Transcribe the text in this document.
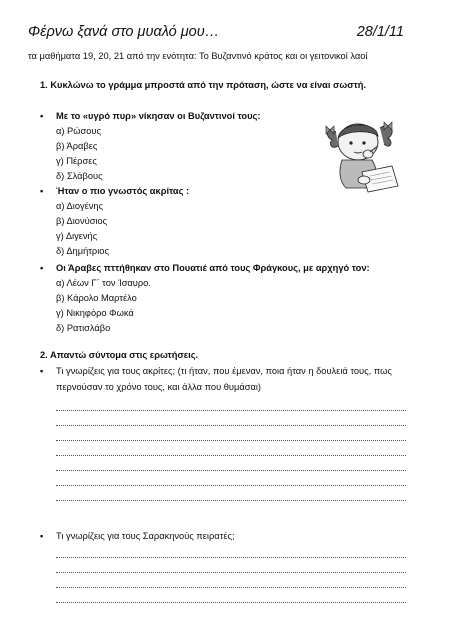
Φέρνω ξανά στο μυαλό μου…	28/1/11
τα μαθήματα 19, 20, 21 από την ενότητα: Το Βυζαντινό κράτος και οι γειτονικοί λαοί
1. Κυκλώνω το γράμμα μπροστά από την πρόταση, ώστε να είναι σωστή.
• Με το «υγρό πυρ» νίκησαν οι Βυζαντινοί τους:
α) Ρώσους
β) Άραβες
γ) Πέρσες
δ) Σλάβους
• Ήταν ο πιο γνωστός ακρίτας :
α) Διογένης
β) Διονύσιος
γ) Διγενής
δ) Δημήτριος
• Οι Άραβες πττήθηκαν στο Πουατιέ από τους Φράγκους, με αρχηγό τον:
α) Λέων Γ΄ τον Ίσαυρο.
β) Κάρολο Μαρτέλο
γ) Νικηφόρο Φωκά
δ) Ρατισλάβο
2. Απαντώ σύντομα στις ερωτήσεις.
• Τι γνωρίζεις για τους ακρίτες; (τι ήταν, που έμεναν, ποια ήταν η δουλειά τους, πως
περνούσαν το χρόνο τους, και άλλα που θυμάσαι)
• Τι γνωρίζεις για τους Σαρακηνούς πειρατές;
